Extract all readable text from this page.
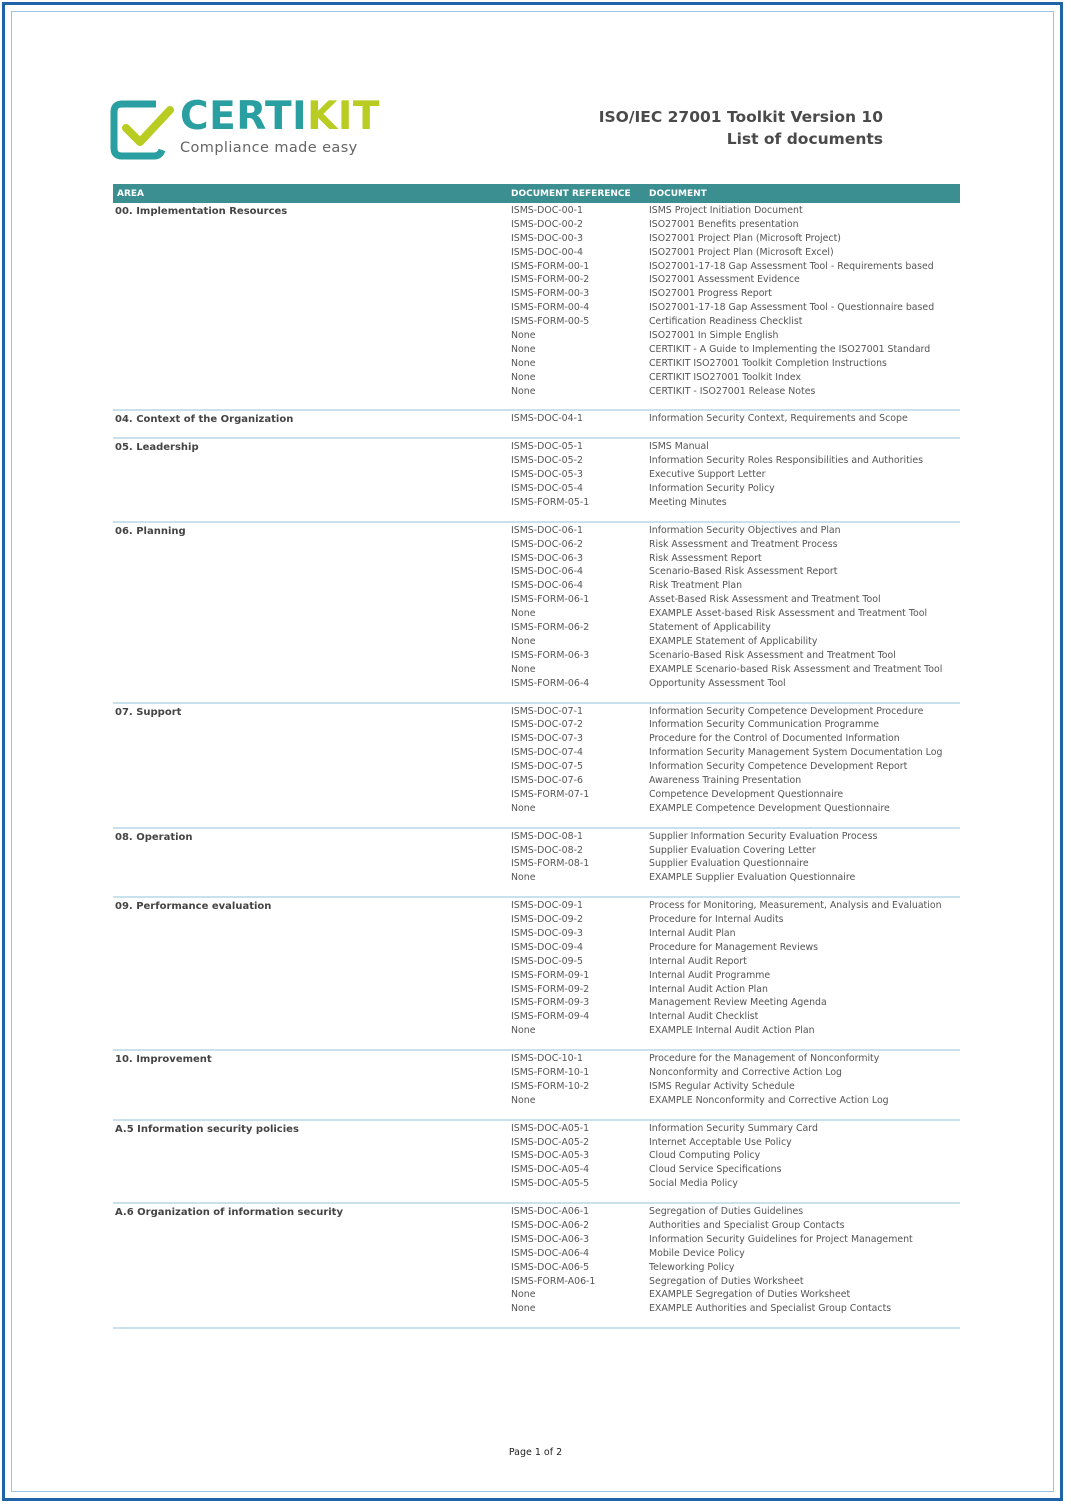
CERTIKIT
Compliance made easy
ISO/IEC 27001 Toolkit Version 10
List of documents
AREA	DOCUMENT REFERENCE DOCUMENT
00. Implementation Resources	ISMS-DOC-00-1	ISMS Project Initiation Document
ISMS-DOC-00-2	ISO27001 Benefits presentation
ISMS-DOC-00-3	ISO27001 Project Plan (Microsoft Project)
ISMS-DOC-00-4	ISO27001 Project Plan (Microsoft Excel)
ISMS-FORM-00-1	ISO27001-17-18 Gap Assessment Tool - Requirements based
ISMS-FORM-00-2	ISO27001 Assessment Evidence
ISMS-FORM-00-3	ISO27001 Progress Report
ISMS-FORM-00-4	ISO27001-17-18 Gap Assessment Tool - Questionnaire based
ISMS-FORM-00-5	Certification Readiness Checklist
None	ISO27001 In Simple English
None	CERTIKIT - A Guide to Implementing the ISO27001 Standard
None	CERTIKIT ISO27001 Toolkit Completion Instructions
None	CERTIKIT ISO27001 Toolkit Index
None	CERTIKIT - ISO27001 Release Notes
04. Context of the Organization	ISMS-DOC-04-1	Information Security Context, Requirements and Scope
05. Leadership	ISMS-DOC-05-1	ISMS Manual
ISMS-DOC-05-2	Information Security Roles Responsibilities and Authorities
ISMS-DOC-05-3	Executive Support Letter
ISMS-DOC-05-4	Information Security Policy
ISMS-FORM-05-1	Meeting Minutes
06. Planning	ISMS-DOC-06-1	Information Security Objectives and Plan
ISMS-DOC-06-2	Risk Assessment and Treatment Process
ISMS-DOC-06-3	Risk Assessment Report
ISMS-DOC-06-4	Scenario-Based Risk Assessment Report
ISMS-DOC-06-4	Risk Treatment Plan
ISMS-FORM-06-1	Asset-Based Risk Assessment and Treatment Tool
None	EXAMPLE Asset-based Risk Assessment and Treatment Tool
ISMS-FORM-06-2	Statement of Applicability
None	EXAMPLE Statement of Applicability
ISMS-FORM-06-3	Scenario-Based Risk Assessment and Treatment Tool
None	EXAMPLE Scenario-based Risk Assessment and Treatment Tool
ISMS-FORM-06-4	Opportunity Assessment Tool
07. Support	ISMS-DOC-07-1	Information Security Competence Development Procedure
ISMS-DOC-07-2	Information Security Communication Programme
ISMS-DOC-07-3	Procedure for the Control of Documented Information
ISMS-DOC-07-4	Information Security Management System Documentation Log
ISMS-DOC-07-5	Information Security Competence Development Report
ISMS-DOC-07-6	Awareness Training Presentation
ISMS-FORM-07-1	Competence Development Questionnaire
None	EXAMPLE Competence Development Questionnaire
08. Operation	ISMS-DOC-08-1	Supplier Information Security Evaluation Process
ISMS-DOC-08-2	Supplier Evaluation Covering Letter
ISMS-FORM-08-1	Supplier Evaluation Questionnaire
None	EXAMPLE Supplier Evaluation Questionnaire
09. Performance evaluation	ISMS-DOC-09-1	Process for Monitoring, Measurement, Analysis and Evaluation
ISMS-DOC-09-2	Procedure for Internal Audits
ISMS-DOC-09-3	Internal Audit Plan
ISMS-DOC-09-4	Procedure for Management Reviews
ISMS-DOC-09-5	Internal Audit Report
ISMS-FORM-09-1	Internal Audit Programme
ISMS-FORM-09-2	Internal Audit Action Plan
ISMS-FORM-09-3	Management Review Meeting Agenda
ISMS-FORM-09-4	Internal Audit Checklist
None	EXAMPLE Internal Audit Action Plan
10. Improvement	ISMS-DOC-10-1	Procedure for the Management of Nonconformity
ISMS-FORM-10-1	Nonconformity and Corrective Action Log
ISMS-FORM-10-2	ISMS Regular Activity Schedule
None	EXAMPLE Nonconformity and Corrective Action Log
A.5 Information security policies	ISMS-DOC-A05-1	Information Security Summary Card
ISMS-DOC-A05-2	Internet Acceptable Use Policy
ISMS-DOC-A05-3	Cloud Computing Policy
ISMS-DOC-A05-4	Cloud Service Specifications
ISMS-DOC-A05-5	Social Media Policy
A.6 Organization of information security	ISMS-DOC-A06-1	Segregation of Duties Guidelines
ISMS-DOC-A06-2	Authorities and Specialist Group Contacts
ISMS-DOC-A06-3	Information Security Guidelines for Project Management
ISMS-DOC-A06-4	Mobile Device Policy
ISMS-DOC-A06-5	Teleworking Policy
ISMS-FORM-A06-1	Segregation of Duties Worksheet
None	EXAMPLE Segregation of Duties Worksheet
None	EXAMPLE Authorities and Specialist Group Contacts
Page 1 of 2
